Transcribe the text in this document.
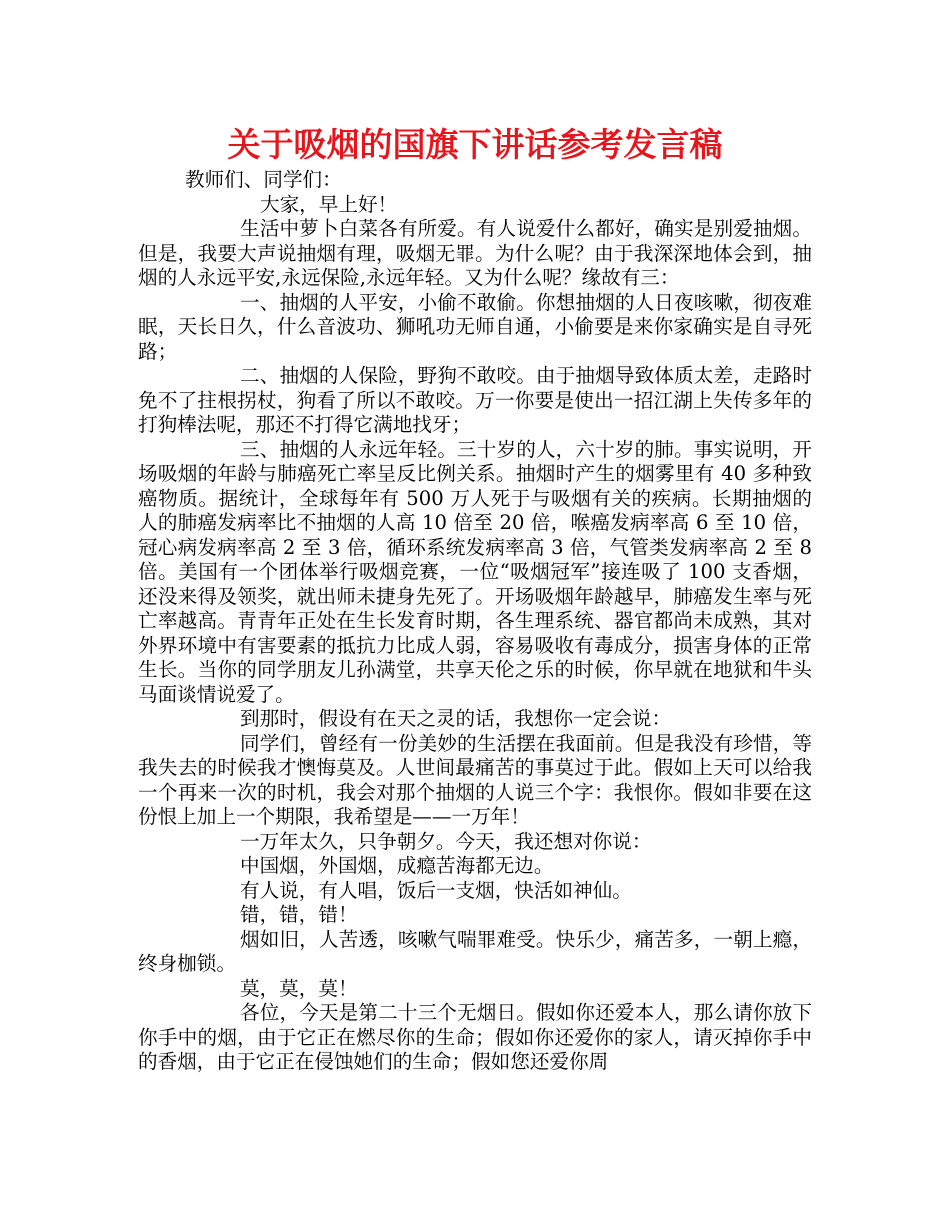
关于吸烟的国旗下讲话参考发言稿

教师们、同学们：

大家，早上好！

生活中萝卜白菜各有所爱。有人说爱什么都好，确实是别爱抽烟。但是，我要大声说抽烟有理，吸烟无罪。为什么呢？由于我深深地体会到，抽烟的人永远平安,永远保险,永远年轻。又为什么呢？缘故有三：

一、抽烟的人平安，小偷不敢偷。你想抽烟的人日夜咳嗽，彻夜难眠，天长日久，什么音波功、狮吼功无师自通，小偷要是来你家确实是自寻死路；

二、抽烟的人保险，野狗不敢咬。由于抽烟导致体质太差，走路时免不了拄根拐杖，狗看了所以不敢咬。万一你要是使出一招江湖上失传多年的打狗棒法呢，那还不打得它满地找牙；

三、抽烟的人永远年轻。三十岁的人，六十岁的肺。事实说明，开场吸烟的年龄与肺癌死亡率呈反比例关系。抽烟时产生的烟雾里有 40 多种致癌物质。据统计，全球每年有 500 万人死于与吸烟有关的疾病。长期抽烟的人的肺癌发病率比不抽烟的人高 10 倍至 20 倍，喉癌发病率高 6 至 10 倍，冠心病发病率高 2 至 3 倍，循环系统发病率高 3 倍，气管类发病率高 2 至 8 倍。美国有一个团体举行吸烟竞赛，一位“吸烟冠军”接连吸了 100 支香烟，还没来得及领奖，就出师未捷身先死了。开场吸烟年龄越早，肺癌发生率与死亡率越高。青青年正处在生长发育时期，各生理系统、器官都尚未成熟，其对外界环境中有害要素的抵抗力比成人弱，容易吸收有毒成分，损害身体的正常生长。当你的同学朋友儿孙满堂，共享天伦之乐的时候，你早就在地狱和牛头马面谈情说爱了。

到那时，假设有在天之灵的话，我想你一定会说：

同学们，曾经有一份美妙的生活摆在我面前。但是我没有珍惜，等我失去的时候我才懊悔莫及。人世间最痛苦的事莫过于此。假如上天可以给我一个再来一次的时机，我会对那个抽烟的人说三个字：我恨你。假如非要在这份恨上加上一个期限，我希望是——一万年！

一万年太久，只争朝夕。今天，我还想对你说：

中国烟，外国烟，成瘾苦海都无边。

有人说，有人唱，饭后一支烟，快活如神仙。

错，错，错！

烟如旧，人苦透，咳嗽气喘罪难受。快乐少，痛苦多，一朝上瘾，终身枷锁。

莫，莫，莫！

各位，今天是第二十三个无烟日。假如你还爱本人，那么请你放下你手中的烟，由于它正在燃尽你的生命；假如你还爱你的家人，请灭掉你手中的香烟，由于它正在侵蚀她们的生命；假如您还爱你周
